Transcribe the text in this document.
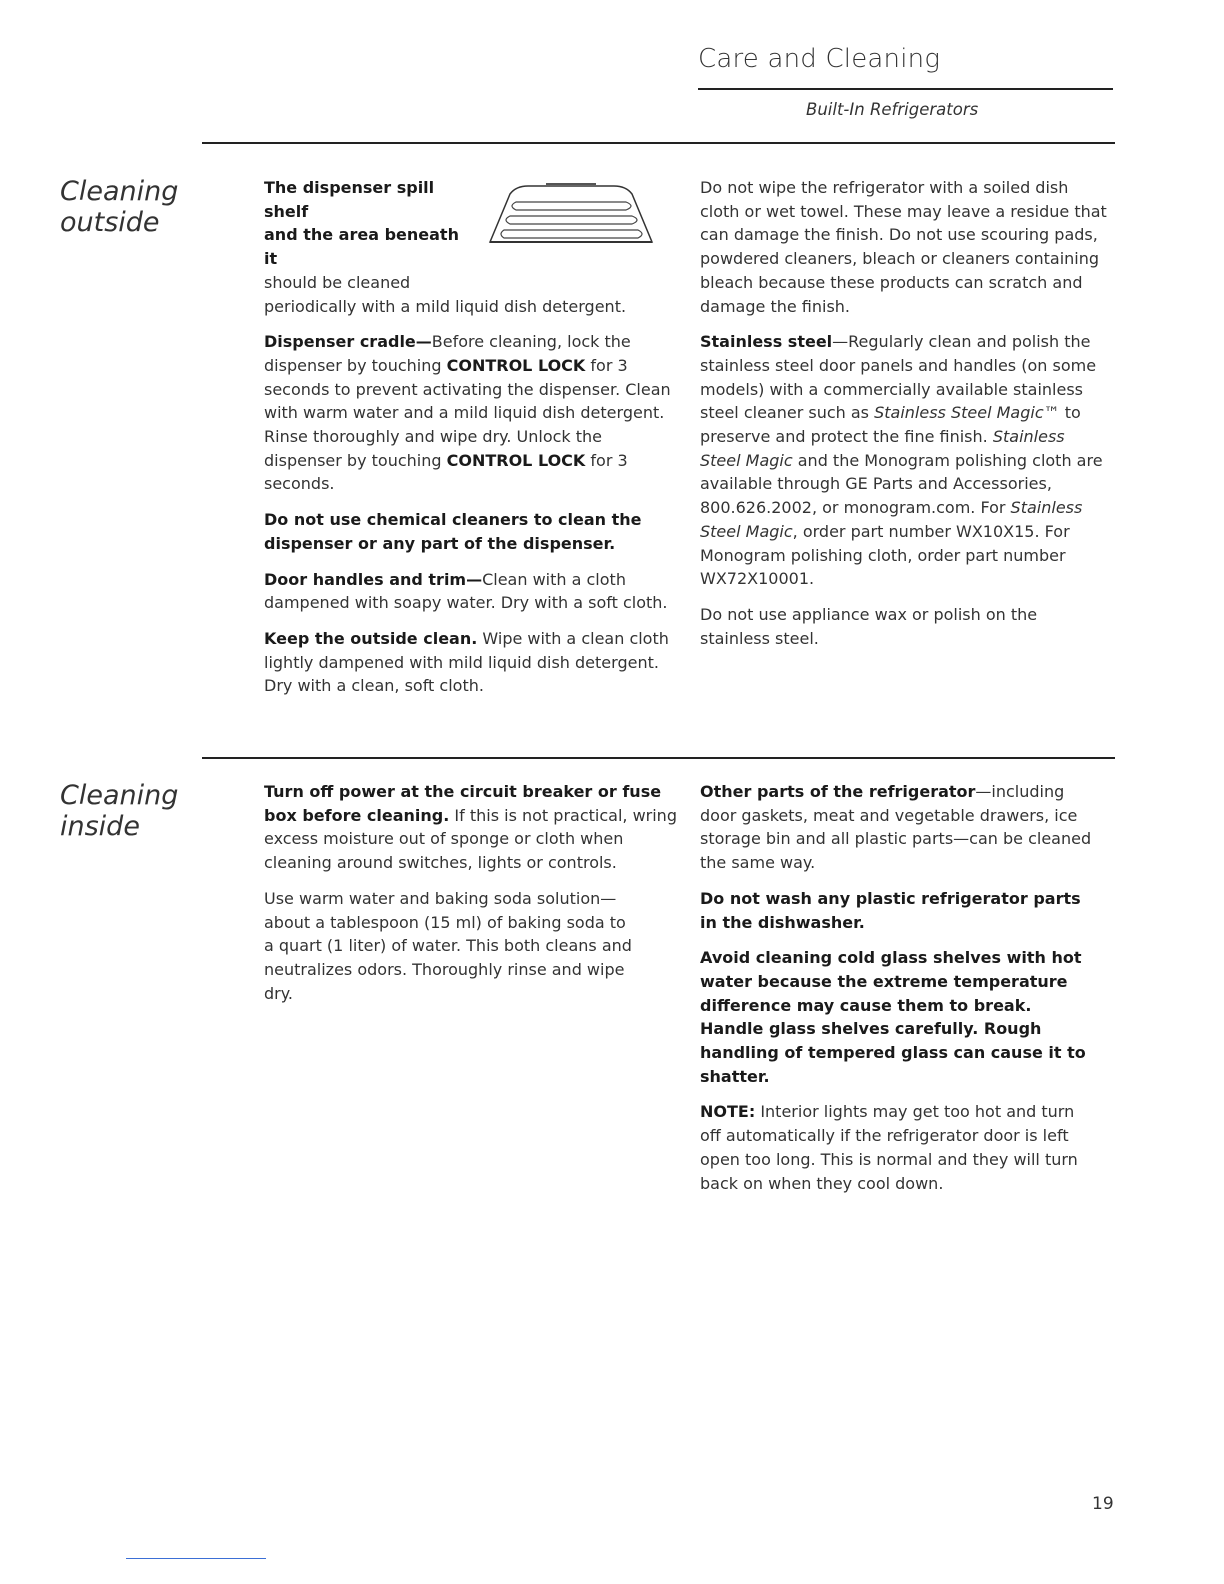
Care and Cleaning
Built-In Refrigerators
Cleaning
outside

The dispenser spill shelf
and the area beneath it
should be cleaned
periodically with a mild liquid dish detergent.

Dispenser cradle—Before cleaning, lock the dispenser by touching CONTROL LOCK for 3 seconds to prevent activating the dispenser. Clean with warm water and a mild liquid dish detergent. Rinse thoroughly and wipe dry. Unlock the dispenser by touching CONTROL LOCK for 3 seconds.

Do not use chemical cleaners to clean the dispenser or any part of the dispenser.

Door handles and trim—Clean with a cloth dampened with soapy water. Dry with a soft cloth.

Keep the outside clean. Wipe with a clean cloth lightly dampened with mild liquid dish detergent. Dry with a clean, soft cloth.

Do not wipe the refrigerator with a soiled dish cloth or wet towel. These may leave a residue that can damage the finish. Do not use scouring pads, powdered cleaners, bleach or cleaners containing bleach because these products can scratch and damage the finish.

Stainless steel—Regularly clean and polish the stainless steel door panels and handles (on some models) with a commercially available stainless steel cleaner such as Stainless Steel Magic™ to preserve and protect the fine finish. Stainless Steel Magic and the Monogram polishing cloth are available through GE Parts and Accessories, 800.626.2002, or monogram.com. For Stainless Steel Magic, order part number WX10X15. For Monogram polishing cloth, order part number WX72X10001.

Do not use appliance wax or polish on the stainless steel.

Cleaning
inside

Turn off power at the circuit breaker or fuse box before cleaning. If this is not practical, wring excess moisture out of sponge or cloth when cleaning around switches, lights or controls.

Use warm water and baking soda solution—about a tablespoon (15 ml) of baking soda to a quart (1 liter) of water. This both cleans and neutralizes odors. Thoroughly rinse and wipe dry.

Other parts of the refrigerator—including door gaskets, meat and vegetable drawers, ice storage bin and all plastic parts—can be cleaned the same way.

Do not wash any plastic refrigerator parts in the dishwasher.

Avoid cleaning cold glass shelves with hot water because the extreme temperature difference may cause them to break. Handle glass shelves carefully. Rough handling of tempered glass can cause it to shatter.

NOTE: Interior lights may get too hot and turn off automatically if the refrigerator door is left open too long. This is normal and they will turn back on when they cool down.

19
